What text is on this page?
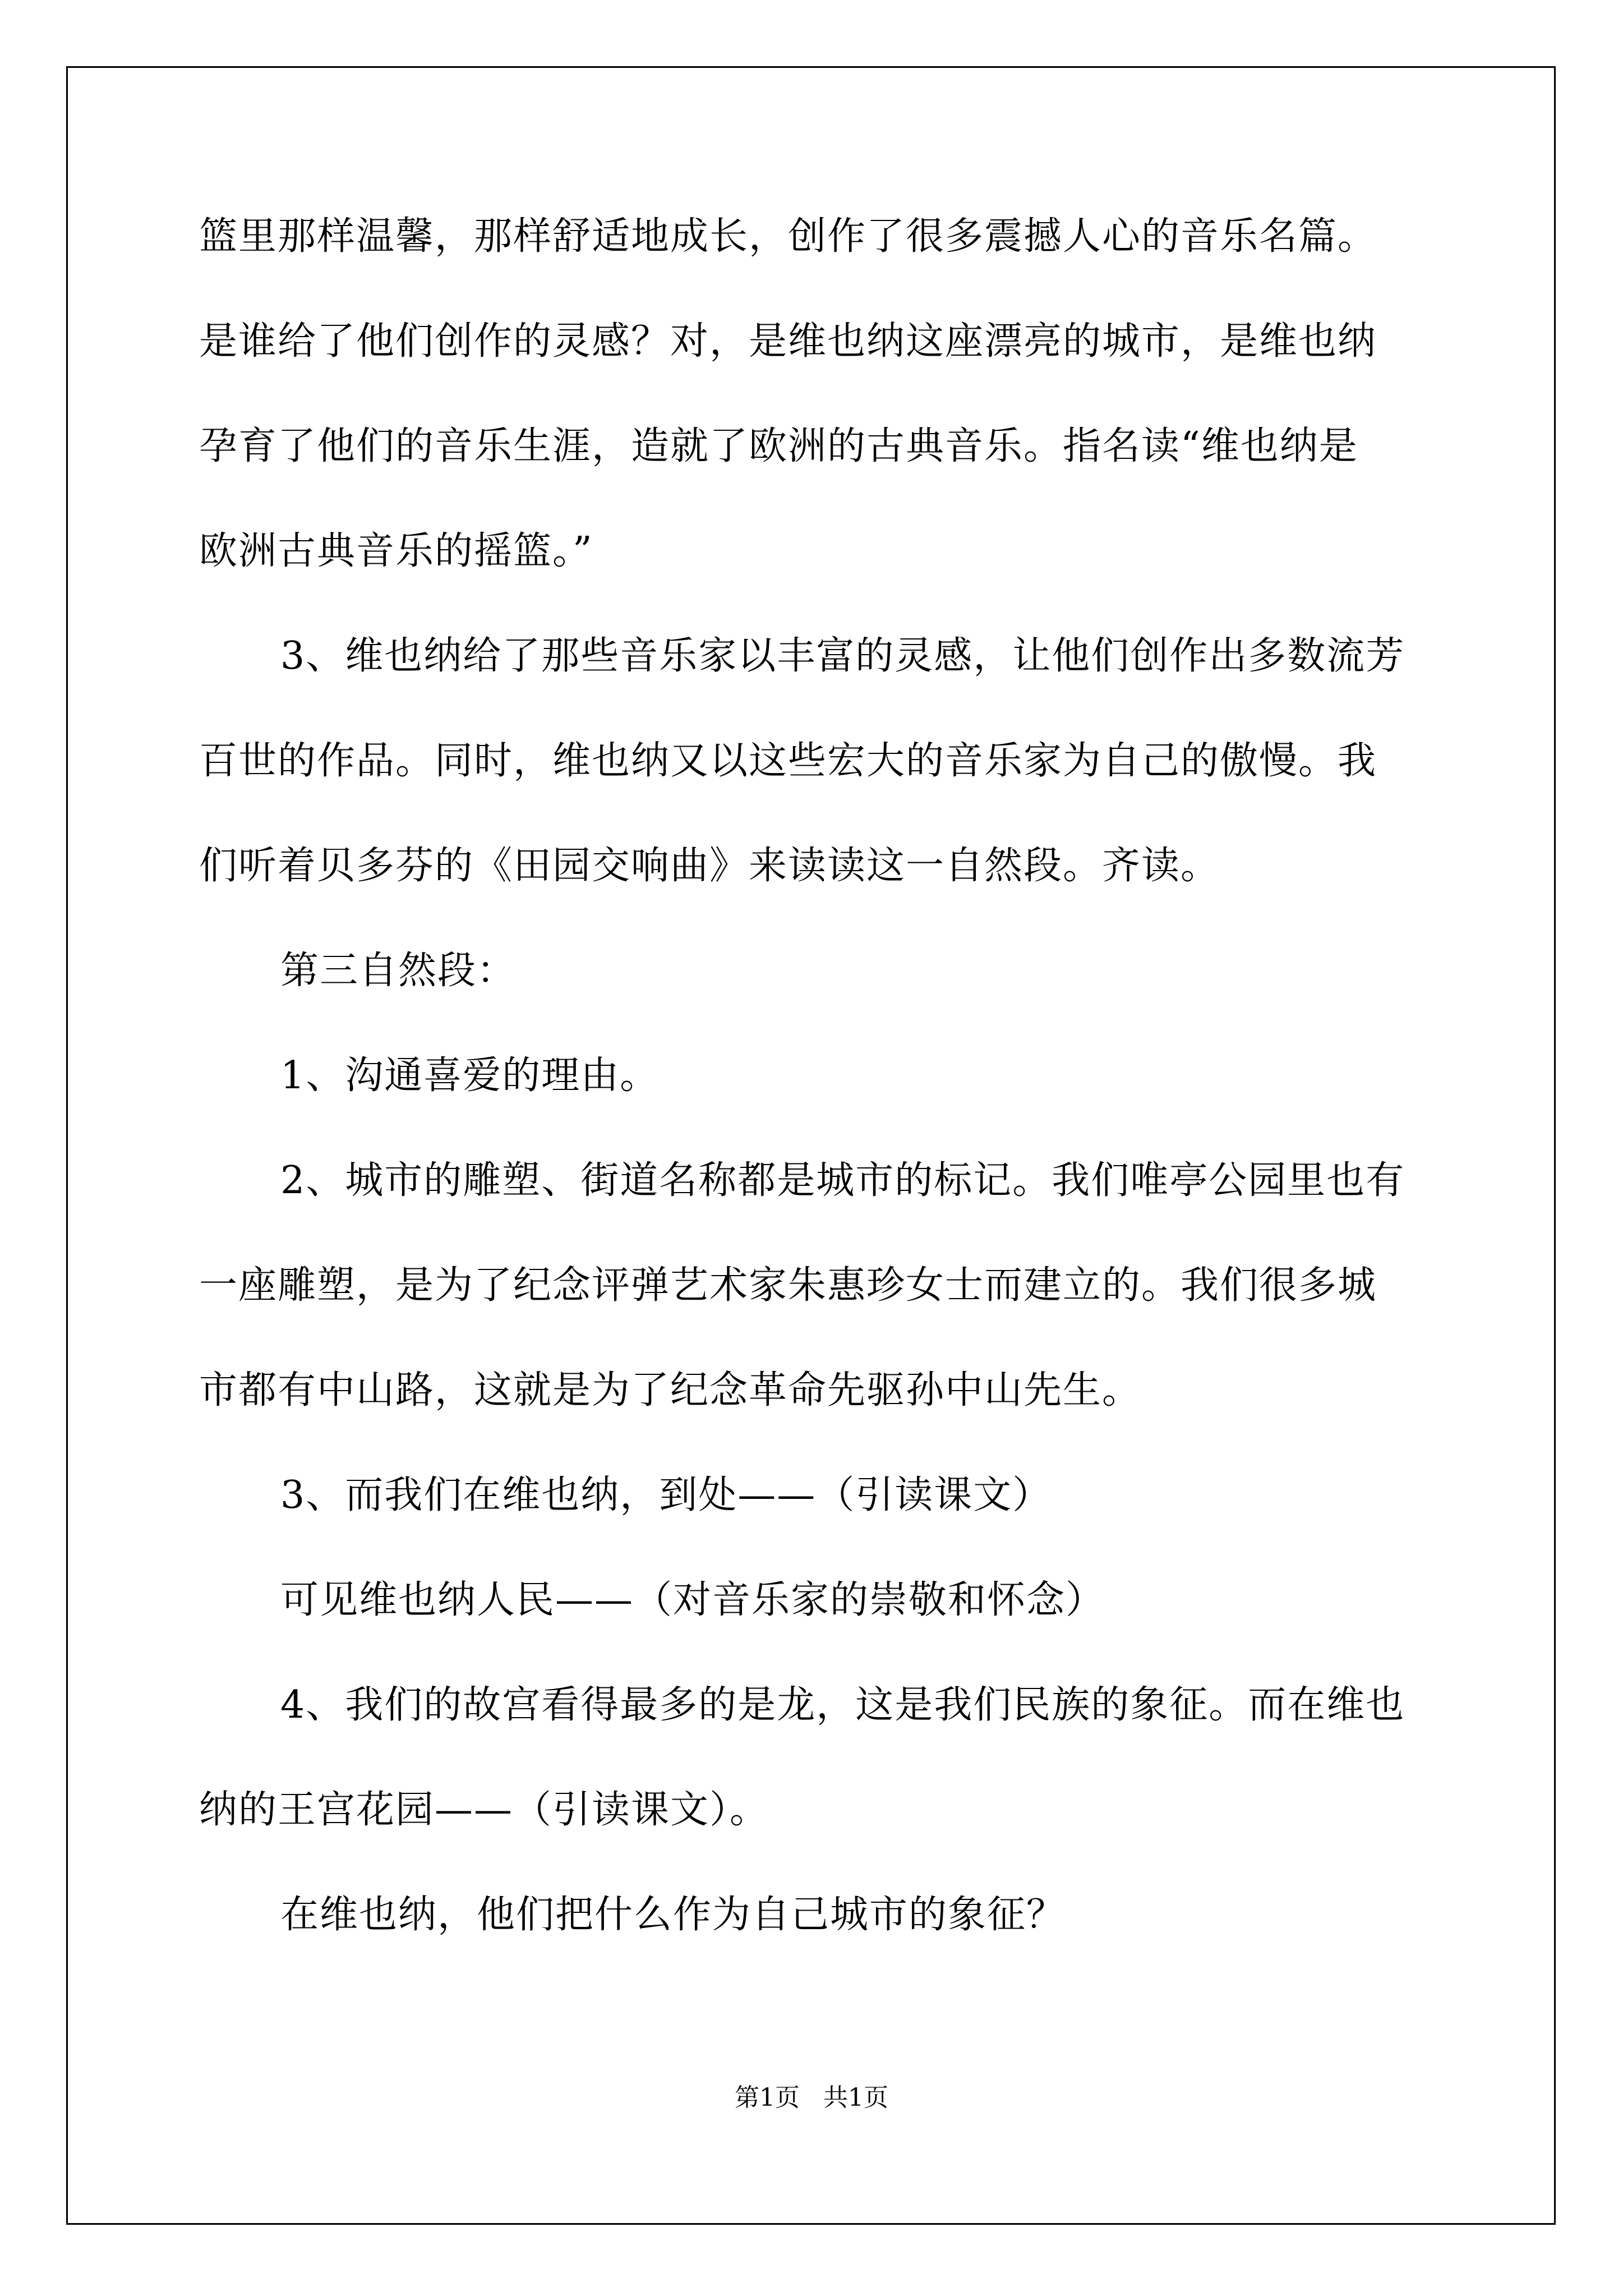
篮里那样温馨，那样舒适地成长，创作了很多震撼人心的音乐名篇。
是谁给了他们创作的灵感？对，是维也纳这座漂亮的城市，是维也纳
孕育了他们的音乐生涯，造就了欧洲的古典音乐。指名读“维也纳是
欧洲古典音乐的摇篮。”
3、维也纳给了那些音乐家以丰富的灵感，让他们创作出多数流芳
百世的作品。同时，维也纳又以这些宏大的音乐家为自己的傲慢。我
们听着贝多芬的《田园交响曲》来读读这一自然段。齐读。
第三自然段：
1、沟通喜爱的理由。
2、城市的雕塑、街道名称都是城市的标记。我们唯亭公园里也有
一座雕塑，是为了纪念评弹艺术家朱惠珍女士而建立的。我们很多城
市都有中山路，这就是为了纪念革命先驱孙中山先生。
3、而我们在维也纳，到处——（引读课文）
可见维也纳人民——（对音乐家的崇敬和怀念）
4、我们的故宫看得最多的是龙，这是我们民族的象征。而在维也
纳的王宫花园——（引读课文）。
在维也纳，他们把什么作为自己城市的象征？
第1页   共1页
